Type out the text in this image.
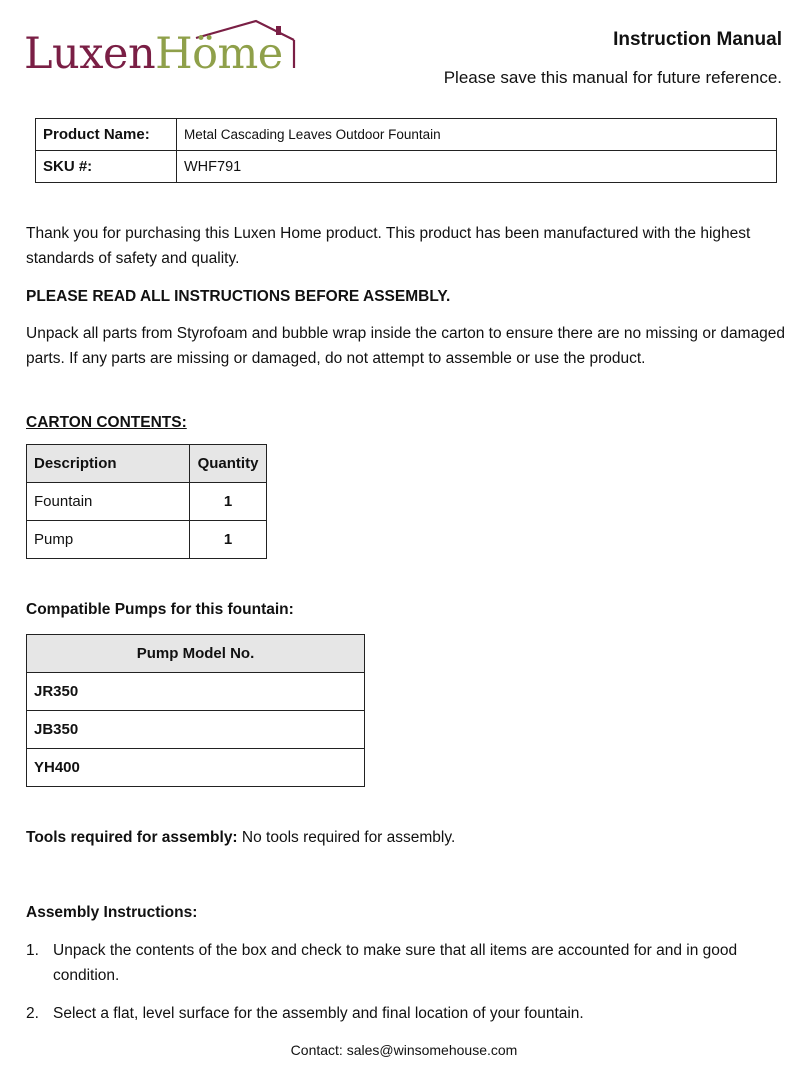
LuxenHöme	Instruction Manual
Please save this manual for future reference.
Product Name:	Metal Cascading Leaves Outdoor Fountain
SKU #:	WHF791
Thank you for purchasing this Luxen Home product. This product has been manufactured with the highest standards of safety and quality.
PLEASE READ ALL INSTRUCTIONS BEFORE ASSEMBLY.
Unpack all parts from Styrofoam and bubble wrap inside the carton to ensure there are no missing or damaged parts. If any parts are missing or damaged, do not attempt to assemble or use the product.
CARTON CONTENTS:
Description	Quantity
Fountain	1
Pump	1
Compatible Pumps for this fountain:
Pump Model No.
JR350
JB350
YH400
Tools required for assembly: No tools required for assembly.
Assembly Instructions:
1. Unpack the contents of the box and check to make sure that all items are accounted for and in good condition.
2. Select a flat, level surface for the assembly and final location of your fountain.
Contact: sales@winsomehouse.com
